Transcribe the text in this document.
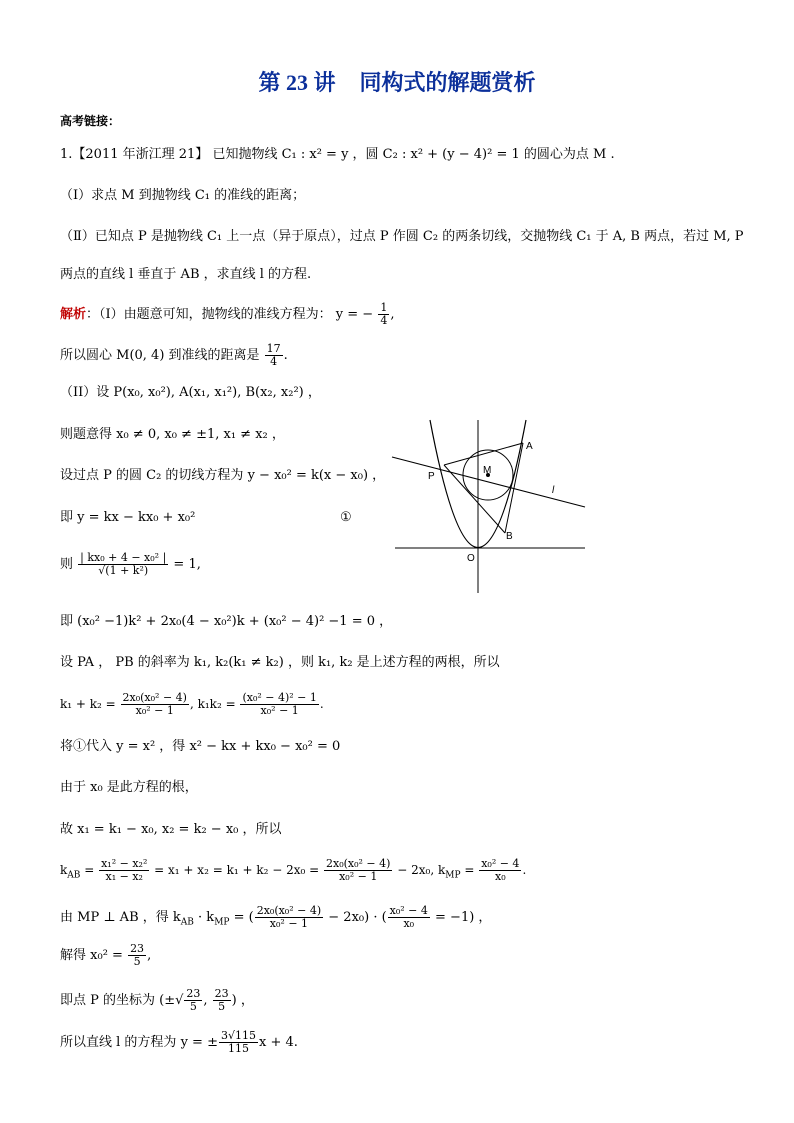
第 23 讲 同构式的解题赏析
高考链接：
1.【2011 年浙江理 21】 已知抛物线 C₁ : x² = y ，圆 C₂ : x² + (y − 4)² = 1 的圆心为点 M .
（Ⅰ）求点 M 到抛物线 C₁ 的准线的距离；
（Ⅱ）已知点 P 是抛物线 C₁ 上一点（异于原点），过点 P 作圆 C₂ 的两条切线，交抛物线 C₁ 于 A, B 两点，若过 M, P
两点的直线 l 垂直于 AB ，求直线 l 的方程.
解析：（I）由题意可知，抛物线的准线方程为： y = − $\frac{1}{4}$ ,
所以圆心 M(0, 4) 到准线的距离是 $\frac{17}{4}$ .
（II）设 P(x₀, x₀²), A(x₁, x₁²), B(x₂, x₂²) ，
则题意得 x₀ ≠ 0, x₀ ≠ ±1, x₁ ≠ x₂ ，
设过点 P 的圆 C₂ 的切线方程为 y − x₀² = k(x − x₀) ，
即 y = kx − kx₀ + x₀²	①
则 $\frac{\text{| kx₀ + 4 − x₀² |}}{\text{√(1 + k²)}} = 1$,
即 (x₀² −1)k² + 2x₀(4 − x₀²)k + (x₀² − 4)² −1 = 0 ，
设 PA ， PB 的斜率为 k₁, k₂(k₁ ≠ k₂) ，则 k₁, k₂ 是上述方程的两根，所以
$k_1 + k_2 = \frac{\text{2x₀(x₀² − 4)}}{\text{x₀² − 1}}$ , $k_1k_2 = \frac{\text{(x₀² − 4)² − 1}}{\text{x₀² − 1}}$ .
将①代入 y = x² ，得 x² − kx + kx₀ − x₀² = 0
由于 x₀ 是此方程的根，
故 x₁ = k₁ − x₀, x₂ = k₂ − x₀ ，所以
$k_{AB} = \frac{\text{x₁² − x₂²}}{\text{x₁ − x₂}} = x_1 + x_2 = k_1 + k_2 - 2x_0 = \frac{\text{2x₀(x₀² − 4)}}{\text{x₀² − 1}} - 2x_0$, $k_{MP} = \frac{\text{x₀² − 4}}{\text{x₀}}$ .
由 MP ⊥ AB ，得 $k_{AB} \cdot k_{MP}$ = ( $\frac{\text{2x₀(x₀² − 4)}}{\text{x₀² − 1}} - 2x_0$) · ( $\frac{\text{x₀² − 4}}{\text{x₀}} = -1$) ，
解得 $x_0^2 = \frac{23}{5}$ ,
即点 P 的坐标为 (±√ $\frac{23}{5}$ , $\frac{23}{5}$ ) ，
所以直线 l 的方程为 y = ± $\frac{3√115}{115}$ x + 4.
A
M
P
l
B
O
